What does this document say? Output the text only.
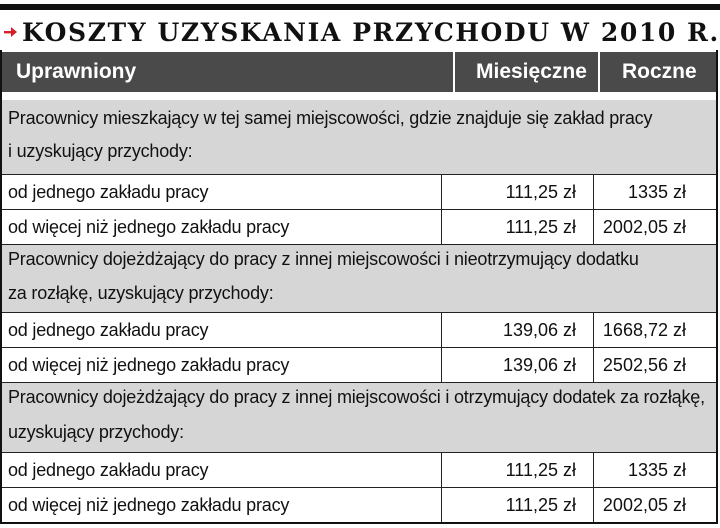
KOSZTY UZYSKANIA PRZYCHODU W 2010 R.
Uprawniony	Miesięczne Roczne
Pracownicy mieszkający w tej samej miejscowości, gdzie znajduje się zakład pracy
i uzyskujący przychody:
od jednego zakładu pracy	111,25 zł	1335 zł
od więcej niż jednego zakładu pracy	111,25 zł 2002,05 zł
Pracownicy dojeżdżający do pracy z innej miejscowości i nieotrzymujący dodatku
za rozłąkę, uzyskujący przychody:
od jednego zakładu pracy	139,06 zł 1668,72 zł
od więcej niż jednego zakładu pracy	139,06 zł 2502,56 zł
Pracownicy dojeżdżający do pracy z innej miejscowości i otrzymujący dodatek za rozłąkę,
uzyskujący przychody:
od jednego zakładu pracy	111,25 zł	1335 zł
od więcej niż jednego zakładu pracy	111,25 zł 2002,05 zł
